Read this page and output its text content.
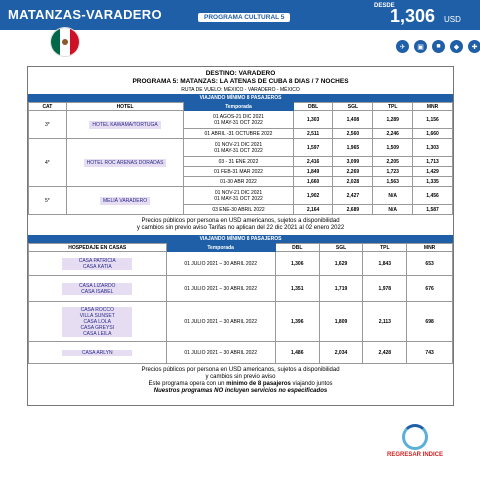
MATANZAS-VARADERO	PROGRAMA CULTURAL 5
DESDE
1,306 USD
IMPUESTOS INCLUIDOS
✈	▣	■	◆	✚
DESTINO: VARADERO
PROGRAMA 5: MATANZAS: LA ATENAS DE CUBA 8 DIAS / 7 NOCHES
RUTA DE VUELO: MÉXICO - VARADERO - MÉXICO
VIAJANDO MÍNIMO 8 PASAJEROS
CAT	HOTEL	Temporada	DBL	SGL	TPL	MNR
3*	HOTEL KAWAMA/TORTUGA	01 AGOS-21 DIC 2021
01 MAY-31 OCT 2022	1,303	1,408	1,289	1,156
		01 ABRIL -31 OCTUBRE 2022	2,511	2,560	2,246	1,660
4*	HOTEL ROC ARENAS DORADAS	01 NOV-21 DIC 2021
01 MAY-31 OCT 2022	1,597	1,965	1,509	1,303
		03 - 31 ENE 2022	2,416	3,099	2,205	1,713
		01 FEB-31 MAR 2022	1,849	2,269	1,723	1,429
		01-30 ABR 2022	1,660	2,028	1,563	1,335
5*	MELIÁ VARADERO	01 NOV-21 DIC 2021
01 MAY-31 OCT 2022	1,902	2,427	N/A	1,456
		03 ENE-30 ABRIL 2022	2,164	2,689	N/A	1,587
Precios públicos por persona en USD americanos, sujetos a disponibilidad
y cambios sin previo aviso Tarifas no aplican del 22 dic 2021 al 02 enero 2022
VIAJANDO MÍNIMO 8 PASAJEROS
HOSPEDAJE EN CASAS	Temporada	DBL	SGL	TPL	MNR

CASA PATRICIA
CASA KATIA	01 JULIO 2021 – 30 ABRIL 2022	1,306	1,629	1,843	653

CASA LIZARDO
CASA ISABEL	01 JULIO 2021 – 30 ABRIL 2022	1,351	1,719	1,978	676

CASA ROCCO
VILLA SUNSET
CASA LOLA
CASA GREYSI
CASA LEILA	01 JULIO 2021 – 30 ABRIL 2022	1,396	1,809	2,113	698

CASA ARLYN	01 JULIO 2021 – 30 ABRIL 2022	1,486	2,034	2,428	743
Precios públicos por persona en USD americanos, sujetos a disponibilidad
y cambios sin previo aviso
Este programa opera con un mínimo de 8 pasajeros viajando juntos
Nuestros programas NO incluyen servicios no especificados
REGRESAR INDICE
